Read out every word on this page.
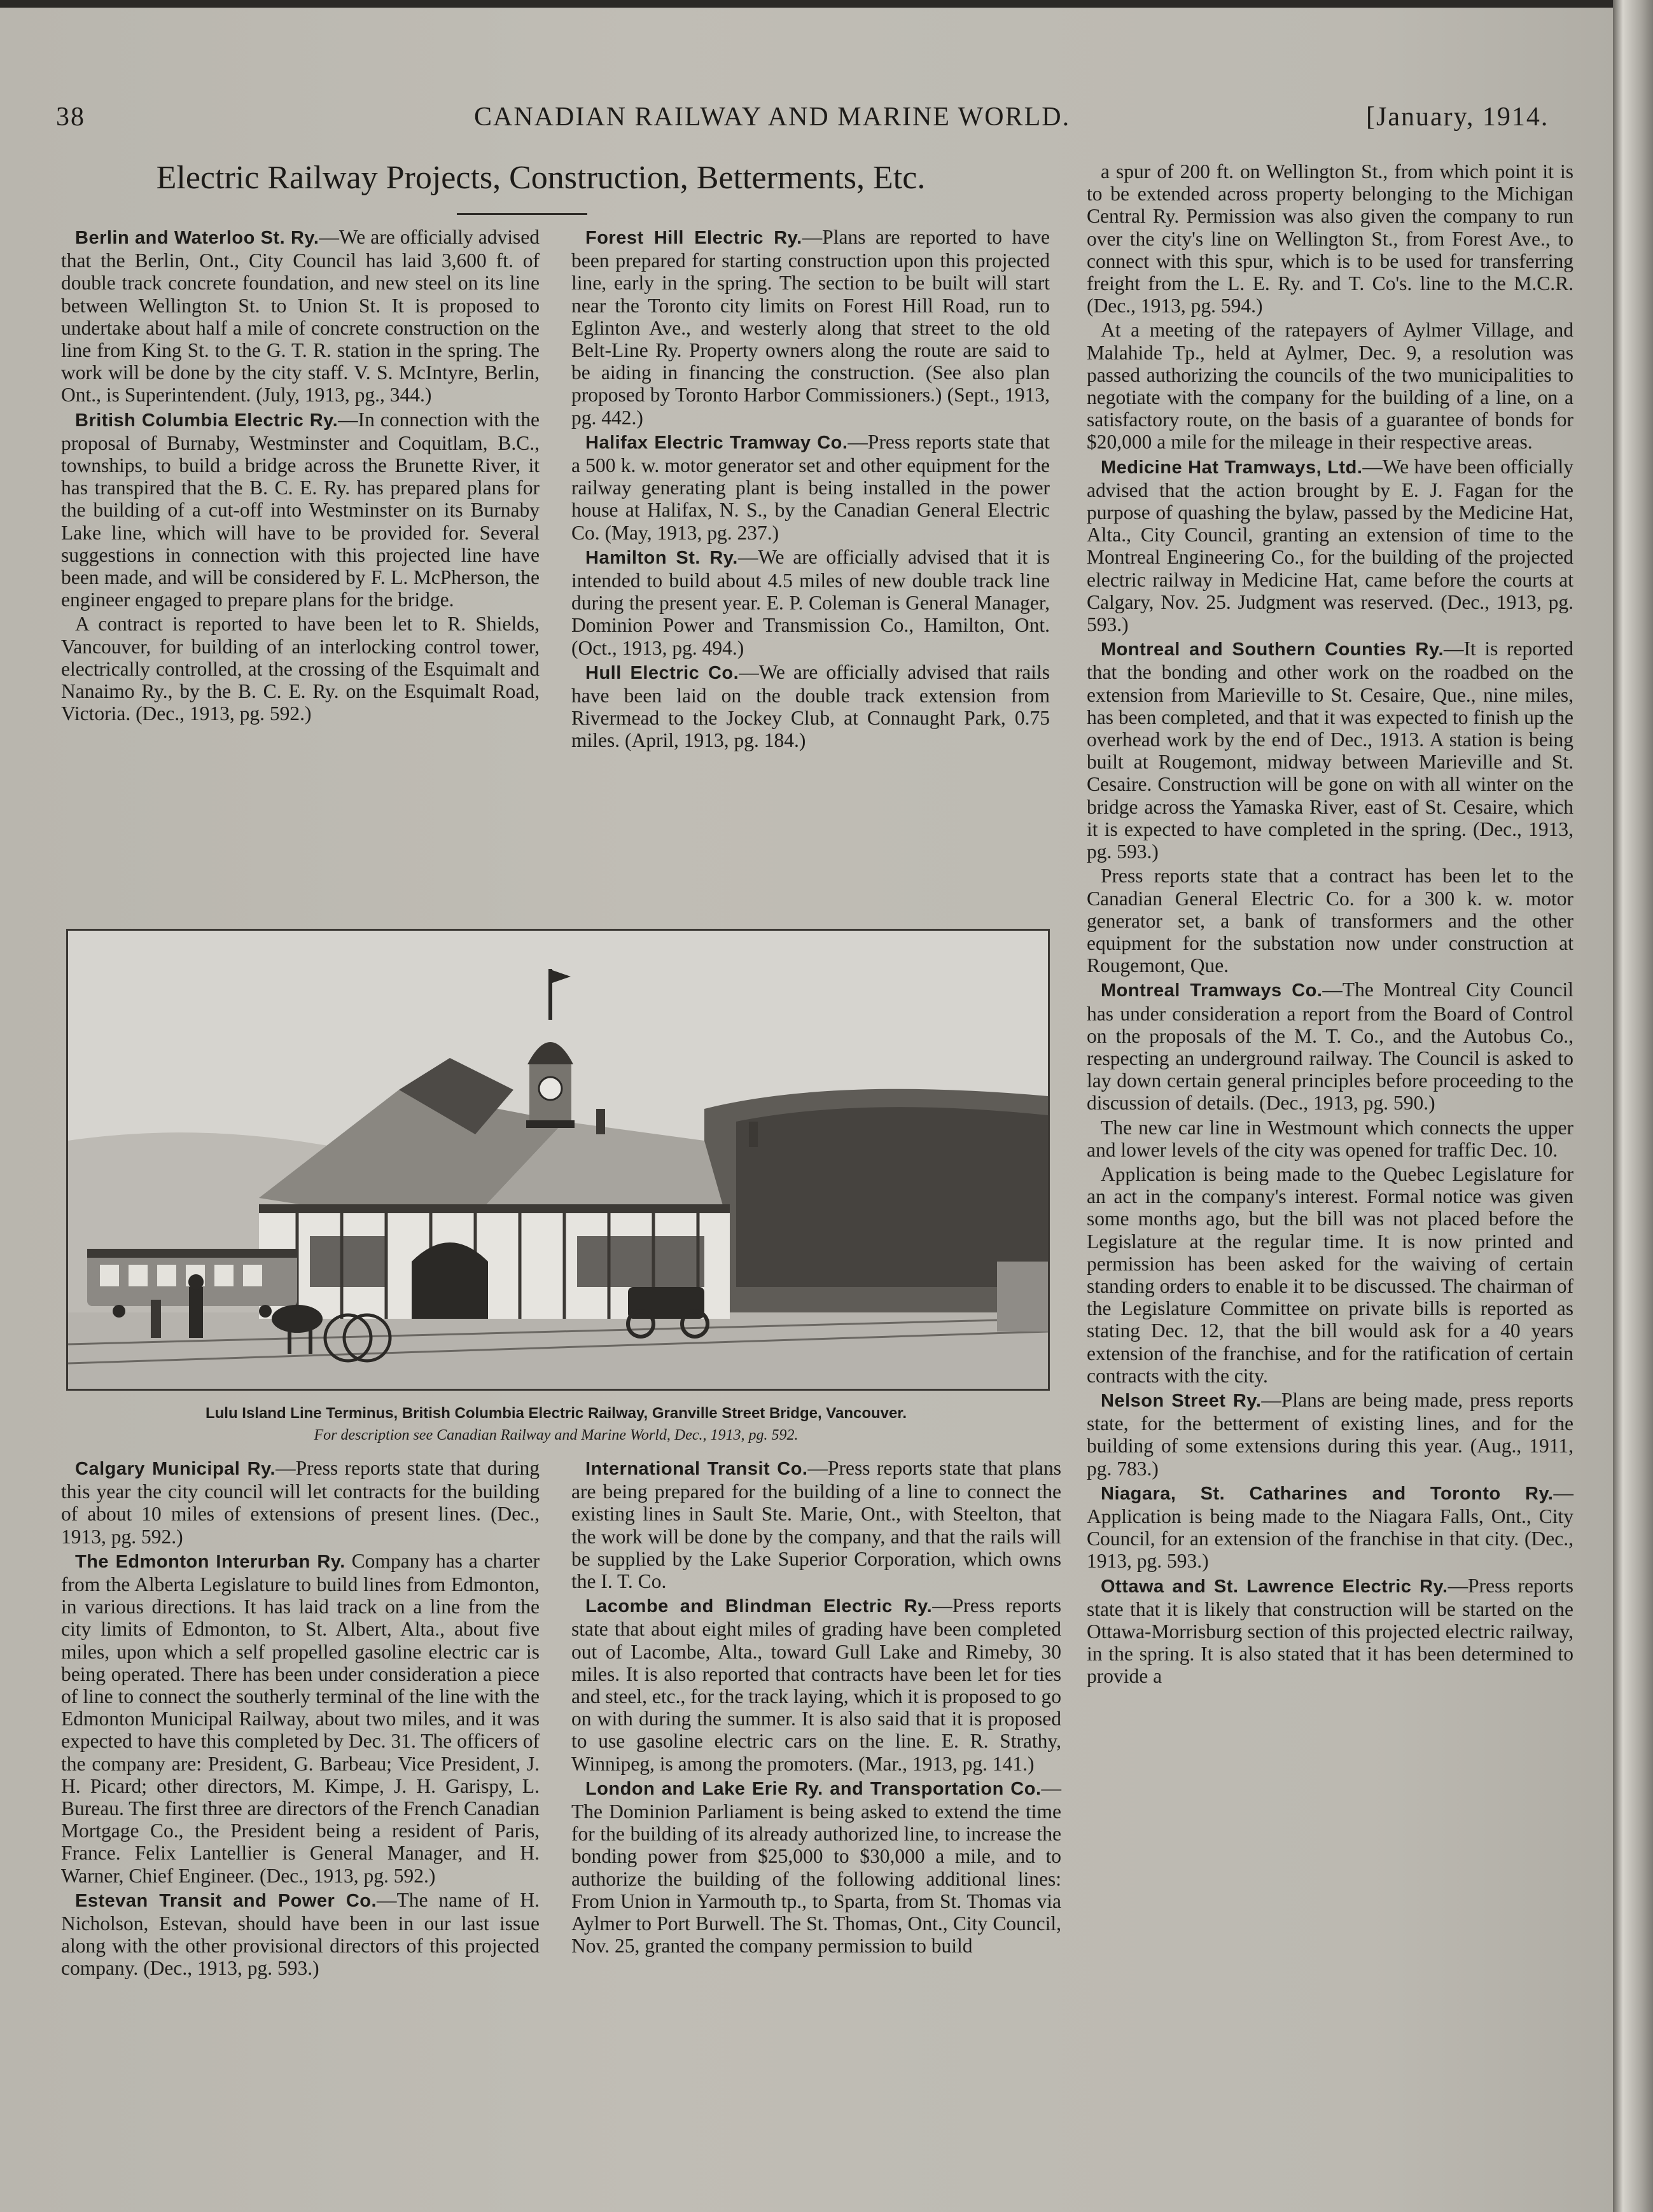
38	CANADIAN RAILWAY AND MARINE WORLD.	[January, 1914.
Electric Railway Projects, Construction, Betterments, Etc.

Berlin and Waterloo St. Ry.—We are officially advised that the Berlin, Ont., City Council has laid 3,600 ft. of double track concrete foundation, and new steel on its line between Wellington St. to Union St. It is proposed to undertake about half a mile of concrete construction on the line from King St. to the G. T. R. station in the spring. The work will be done by the city staff. V. S. McIntyre, Berlin, Ont., is Superintendent. (July, 1913, pg., 344.)

British Columbia Electric Ry.—In connection with the proposal of Burnaby, Westminster and Coquitlam, B.C., townships, to build a bridge across the Brunette River, it has transpired that the B. C. E. Ry. has prepared plans for the building of a cut-off into Westminster on its Burnaby Lake line, which will have to be provided for. Several suggestions in connection with this projected line have been made, and will be considered by F. L. McPherson, the engineer engaged to prepare plans for the bridge.

A contract is reported to have been let to R. Shields, Vancouver, for building of an interlocking control tower, electrically controlled, at the crossing of the Esquimalt and Nanaimo Ry., by the B. C. E. Ry. on the Esquimalt Road, Victoria. (Dec., 1913, pg. 592.)

Forest Hill Electric Ry.—Plans are reported to have been prepared for starting construction upon this projected line, early in the spring. The section to be built will start near the Toronto city limits on Forest Hill Road, run to Eglinton Ave., and westerly along that street to the old Belt-Line Ry. Property owners along the route are said to be aiding in financing the construction. (See also plan proposed by Toronto Harbor Commissioners.) (Sept., 1913, pg. 442.)

Halifax Electric Tramway Co.—Press reports state that a 500 k. w. motor generator set and other equipment for the railway generating plant is being installed in the power house at Halifax, N. S., by the Canadian General Electric Co. (May, 1913, pg. 237.)

Hamilton St. Ry.—We are officially advised that it is intended to build about 4.5 miles of new double track line during the present year. E. P. Coleman is General Manager, Dominion Power and Transmission Co., Hamilton, Ont. (Oct., 1913, pg. 494.)

Hull Electric Co.—We are officially advised that rails have been laid on the double track extension from Rivermead to the Jockey Club, at Connaught Park, 0.75 miles. (April, 1913, pg. 184.)

a spur of 200 ft. on Wellington St., from which point it is to be extended across property belonging to the Michigan Central Ry. Permission was also given the company to run over the city's line on Wellington St., from Forest Ave., to connect with this spur, which is to be used for transferring freight from the L. E. Ry. and T. Co's. line to the M.C.R. (Dec., 1913, pg. 594.)

At a meeting of the ratepayers of Aylmer Village, and Malahide Tp., held at Aylmer, Dec. 9, a resolution was passed authorizing the councils of the two municipalities to negotiate with the company for the building of a line, on a satisfactory route, on the basis of a guarantee of bonds for $20,000 a mile for the mileage in their respective areas.

Medicine Hat Tramways, Ltd.—We have been officially advised that the action brought by E. J. Fagan for the purpose of quashing the bylaw, passed by the Medicine Hat, Alta., City Council, granting an extension of time to the Montreal Engineering Co., for the building of the projected electric railway in Medicine Hat, came before the courts at Calgary, Nov. 25. Judgment was reserved. (Dec., 1913, pg. 593.)

Montreal and Southern Counties Ry.—It is reported that the bonding and other work on the roadbed on the extension from Marieville to St. Cesaire, Que., nine miles, has been completed, and that it was expected to finish up the overhead work by the end of Dec., 1913. A station is being built at Rougemont, midway between Marieville and St. Cesaire. Construction will be gone on with all winter on the bridge across the Yamaska River, east of St. Cesaire, which it is expected to have completed in the spring. (Dec., 1913, pg. 593.)

Press reports state that a contract has been let to the Canadian General Electric Co. for a 300 k. w. motor generator set, a bank of transformers and the other equipment for the substation now under construction at Rougemont, Que.

Montreal Tramways Co.—The Montreal City Council has under consideration a report from the Board of Control on the proposals of the M. T. Co., and the Autobus Co., respecting an underground railway. The Council is asked to lay down certain general principles before proceeding to the discussion of details. (Dec., 1913, pg. 590.)

The new car line in Westmount which connects the upper and lower levels of the city was opened for traffic Dec. 10.

Application is being made to the Quebec Legislature for an act in the company's interest. Formal notice was given some months ago, but the bill was not placed before the Legislature at the regular time. It is now printed and permission has been asked for the waiving of certain standing orders to enable it to be discussed. The chairman of the Legislature Committee on private bills is reported as stating Dec. 12, that the bill would ask for a 40 years extension of the franchise, and for the ratification of certain contracts with the city.

Nelson Street Ry.—Plans are being made, press reports state, for the betterment of existing lines, and for the building of some extensions during this year. (Aug., 1911, pg. 783.)

Niagara, St. Catharines and Toronto Ry.—Application is being made to the Niagara Falls, Ont., City Council, for an extension of the franchise in that city. (Dec., 1913, pg. 593.)

Ottawa and St. Lawrence Electric Ry.—Press reports state that it is likely that construction will be started on the Ottawa-Morrisburg section of this projected electric railway, in the spring. It is also stated that it has been determined to provide a

Lulu Island Line Terminus, British Columbia Electric Railway, Granville Street Bridge, Vancouver.
For description see Canadian Railway and Marine World, Dec., 1913, pg. 592.

Calgary Municipal Ry.—Press reports state that during this year the city council will let contracts for the building of about 10 miles of extensions of present lines. (Dec., 1913, pg. 592.)

The Edmonton Interurban Ry. Company has a charter from the Alberta Legislature to build lines from Edmonton, in various directions. It has laid track on a line from the city limits of Edmonton, to St. Albert, Alta., about five miles, upon which a self propelled gasoline electric car is being operated. There has been under consideration a piece of line to connect the southerly terminal of the line with the Edmonton Municipal Railway, about two miles, and it was expected to have this completed by Dec. 31. The officers of the company are: President, G. Barbeau; Vice President, J. H. Picard; other directors, M. Kimpe, J. H. Garispy, L. Bureau. The first three are directors of the French Canadian Mortgage Co., the President being a resident of Paris, France. Felix Lantellier is General Manager, and H. Warner, Chief Engineer. (Dec., 1913, pg. 592.)

Estevan Transit and Power Co.—The name of H. Nicholson, Estevan, should have been in our last issue along with the other provisional directors of this projected company. (Dec., 1913, pg. 593.)

International Transit Co.—Press reports state that plans are being prepared for the building of a line to connect the existing lines in Sault Ste. Marie, Ont., with Steelton, that the work will be done by the company, and that the rails will be supplied by the Lake Superior Corporation, which owns the I. T. Co.

Lacombe and Blindman Electric Ry.—Press reports state that about eight miles of grading have been completed out of Lacombe, Alta., toward Gull Lake and Rimeby, 30 miles. It is also reported that contracts have been let for ties and steel, etc., for the track laying, which it is proposed to go on with during the summer. It is also said that it is proposed to use gasoline electric cars on the line. E. R. Strathy, Winnipeg, is among the promoters. (Mar., 1913, pg. 141.)

London and Lake Erie Ry. and Transportation Co.—The Dominion Parliament is being asked to extend the time for the building of its already authorized line, to increase the bonding power from $25,000 to $30,000 a mile, and to authorize the building of the following additional lines: From Union in Yarmouth tp., to Sparta, from St. Thomas via Aylmer to Port Burwell. The St. Thomas, Ont., City Council, Nov. 25, granted the company permission to build
